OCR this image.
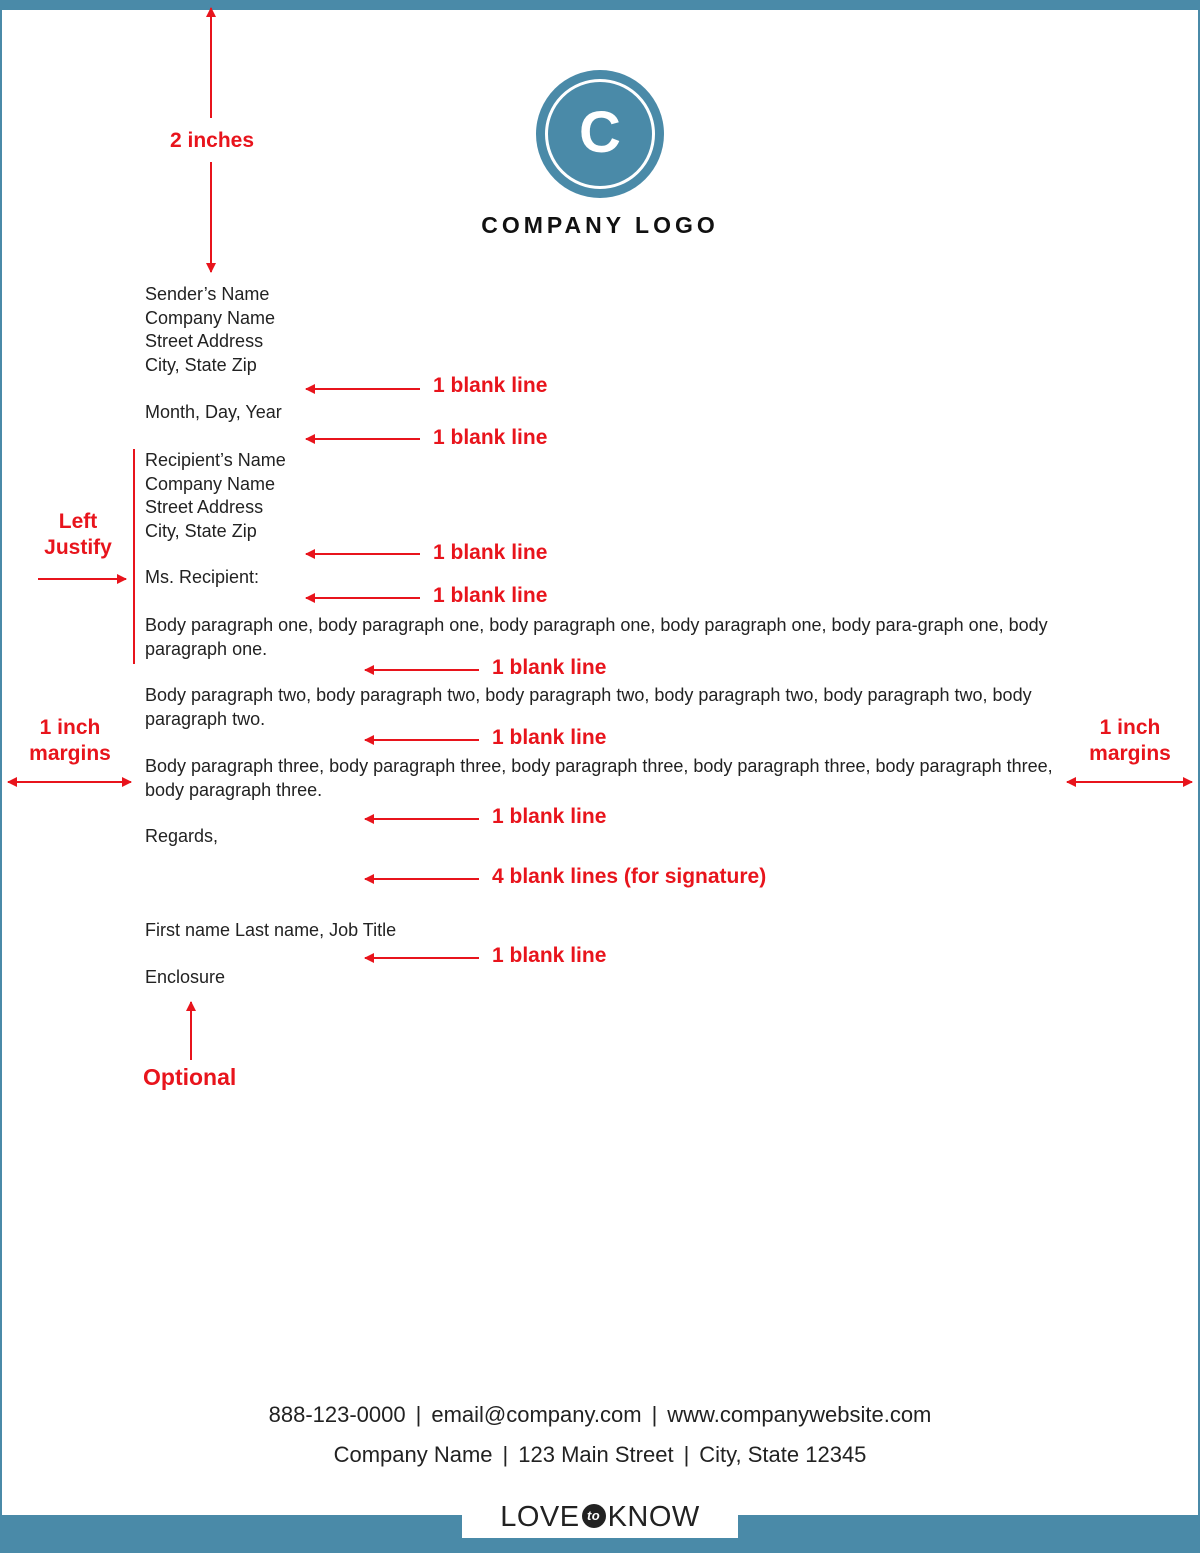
C
COMPANY LOGO
Sender’s Name
Company Name
Street Address
City, State Zip
Month, Day, Year
Recipient’s Name
Company Name
Street Address
City, State Zip
Ms. Recipient:
Body paragraph one, body paragraph one, body paragraph one, body paragraph one, body para-graph one, body paragraph one.
Body paragraph two, body paragraph two, body paragraph two, body paragraph two, body paragraph two, body paragraph two.
Body paragraph three, body paragraph three, body paragraph three, body paragraph three, body paragraph three, body paragraph three.
Regards,
First name Last name, Job Title
Enclosure
2 inches
1 blank line
1 blank line
1 blank line
1 blank line
1 blank line
1 blank line
1 blank line
4 blank lines (for signature)
1 blank line
Left
Justify
1 inch
margins
1 inch
margins
Optional
888-123-0000 | email@company.com | www.companywebsite.com
Company Name | 123 Main Street | City, State 12345
LOVE to KNOW
